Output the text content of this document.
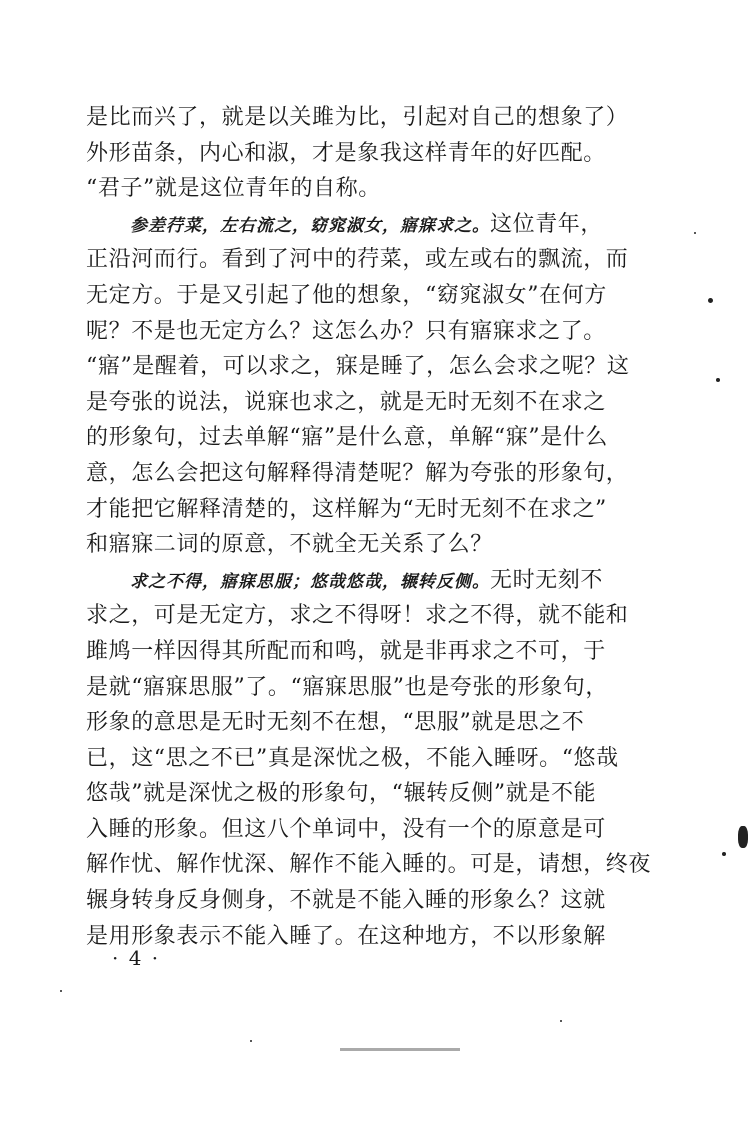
是比而兴了，就是以关雎为比，引起对自己的想象了）
外形苗条，内心和淑，才是象我这样青年的好匹配。
“君子”就是这位青年的自称。
参差荇菜，左右流之，窈窕淑女，寤寐求之。这位青年，
正沿河而行。看到了河中的荇菜，或左或右的飘流，而
无定方。于是又引起了他的想象，“窈窕淑女”在何方
呢？不是也无定方么？这怎么办？只有寤寐求之了。
“寤”是醒着，可以求之，寐是睡了，怎么会求之呢？这
是夸张的说法，说寐也求之，就是无时无刻不在求之
的形象句，过去单解“寤”是什么意，单解“寐”是什么
意，怎么会把这句解释得清楚呢？解为夸张的形象句，
才能把它解释清楚的，这样解为“无时无刻不在求之”
和寤寐二词的原意，不就全无关系了么？
求之不得，寤寐思服；悠哉悠哉，辗转反侧。无时无刻不
求之，可是无定方，求之不得呀！求之不得，就不能和
雎鸠一样因得其所配而和鸣，就是非再求之不可，于
是就“寤寐思服”了。“寤寐思服”也是夸张的形象句，
形象的意思是无时无刻不在想，“思服”就是思之不
已，这“思之不已”真是深忧之极，不能入睡呀。“悠哉
悠哉”就是深忧之极的形象句，“辗转反侧”就是不能
入睡的形象。但这八个单词中，没有一个的原意是可
解作忧、解作忧深、解作不能入睡的。可是，请想，终夜
辗身转身反身侧身，不就是不能入睡的形象么？这就
是用形象表示不能入睡了。在这种地方，不以形象解
· 4 ·
